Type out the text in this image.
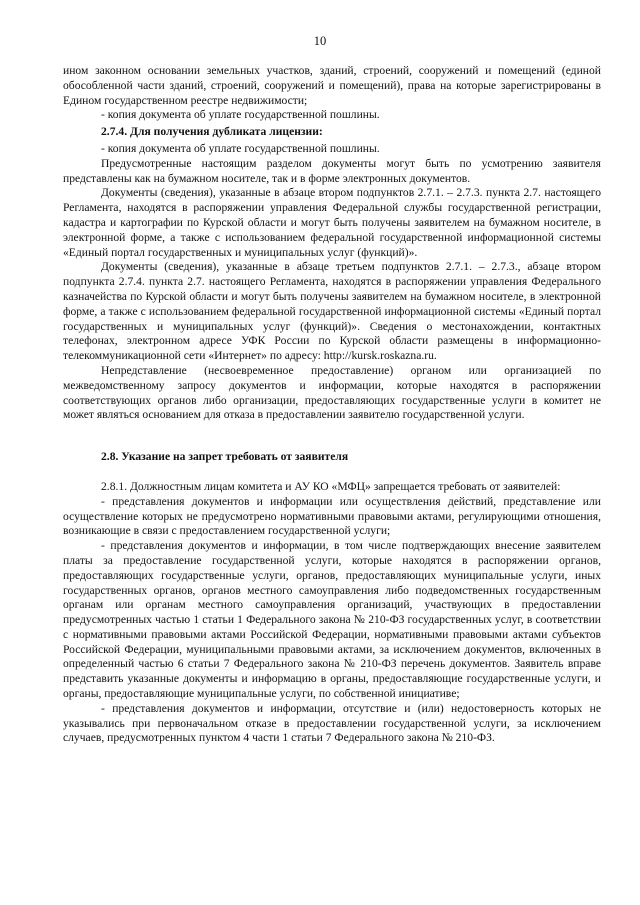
10

ином законном основании земельных участков, зданий, строений, сооружений и помещений (единой обособленной части зданий, строений, сооружений и помещений), права на которые зарегистрированы в Едином государственном реестре недвижимости;

- копия документа об уплате государственной пошлины.

2.7.4. Для получения дубликата лицензии:

- копия документа об уплате государственной пошлины.

Предусмотренные настоящим разделом документы могут быть по усмотрению заявителя представлены как на бумажном носителе, так и в форме электронных документов.

Документы (сведения), указанные в абзаце втором подпунктов 2.7.1. – 2.7.3. пункта 2.7. настоящего Регламента, находятся в распоряжении управления Федеральной службы государственной регистрации, кадастра и картографии по Курской области и могут быть получены заявителем на бумажном носителе, в электронной форме, а также с использованием федеральной государственной информационной системы «Единый портал государственных и муниципальных услуг (функций)».

Документы (сведения), указанные в абзаце третьем подпунктов 2.7.1. – 2.7.3., абзаце втором подпункта 2.7.4. пункта 2.7. настоящего Регламента, находятся в распоряжении управления Федерального казначейства по Курской области и могут быть получены заявителем на бумажном носителе, в электронной форме, а также с использованием федеральной государственной информационной системы «Единый портал государственных и муниципальных услуг (функций)». Сведения о местонахождении, контактных телефонах, электронном адресе УФК России по Курской области размещены в информационно-телекоммуникационной сети «Интернет» по адресу: http://kursk.roskazna.ru.

Непредставление (несвоевременное предоставление) органом или организацией по межведомственному запросу документов и информации, которые находятся в распоряжении соответствующих органов либо организации, предоставляющих государственные услуги в комитет не может являться основанием для отказа в предоставлении заявителю государственной услуги.

2.8. Указание на запрет требовать от заявителя

2.8.1. Должностным лицам комитета и АУ КО «МФЦ» запрещается требовать от заявителей:

- представления документов и информации или осуществления действий, представление или осуществление которых не предусмотрено нормативными правовыми актами, регулирующими отношения, возникающие в связи с предоставлением государственной услуги;

- представления документов и информации, в том числе подтверждающих внесение заявителем платы за предоставление государственной услуги, которые находятся в распоряжении органов, предоставляющих государственные услуги, органов, предоставляющих муниципальные услуги, иных государственных органов, органов местного самоуправления либо подведомственных государственным органам или органам местного самоуправления организаций, участвующих в предоставлении предусмотренных частью 1 статьи 1 Федерального закона № 210-ФЗ государственных услуг, в соответствии с нормативными правовыми актами Российской Федерации, нормативными правовыми актами субъектов Российской Федерации, муниципальными правовыми актами, за исключением документов, включенных в определенный частью 6 статьи 7 Федерального закона № 210-ФЗ перечень документов. Заявитель вправе представить указанные документы и информацию в органы, предоставляющие государственные услуги, и органы, предоставляющие муниципальные услуги, по собственной инициативе;

- представления документов и информации, отсутствие и (или) недостоверность которых не указывались при первоначальном отказе в предоставлении государственной услуги, за исключением случаев, предусмотренных пунктом 4 части 1 статьи 7 Федерального закона № 210-ФЗ.
